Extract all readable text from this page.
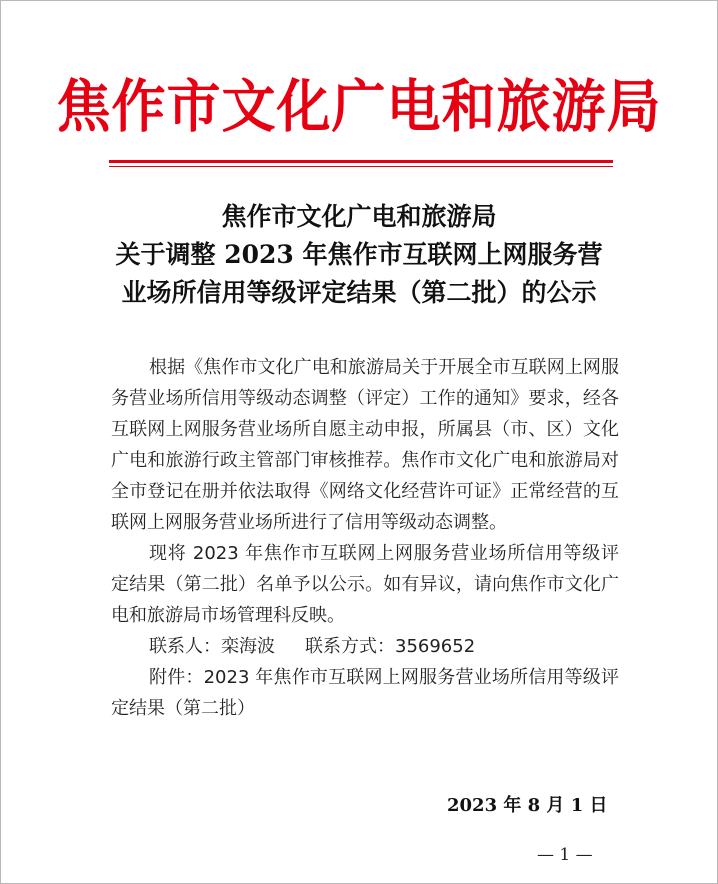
焦作市文化广电和旅游局
焦作市文化广电和旅游局
关于调整 2023 年焦作市互联网上网服务营
业场所信用等级评定结果（第二批）的公示

根据《焦作市文化广电和旅游局关于开展全市互联网上网服务营业场所信用等级动态调整（评定）工作的通知》要求，经各互联网上网服务营业场所自愿主动申报，所属县（市、区）文化广电和旅游行政主管部门审核推荐。焦作市文化广电和旅游局对全市登记在册并依法取得《网络文化经营许可证》正常经营的互联网上网服务营业场所进行了信用等级动态调整。

现将 2023 年焦作市互联网上网服务营业场所信用等级评定结果（第二批）名单予以公示。如有异议，请向焦作市文化广电和旅游局市场管理科反映。

联系人：栾海波 联系方式：3569652

附件：2023 年焦作市互联网上网服务营业场所信用等级评定结果（第二批）

2023 年 8 月 1 日
— 1 —
